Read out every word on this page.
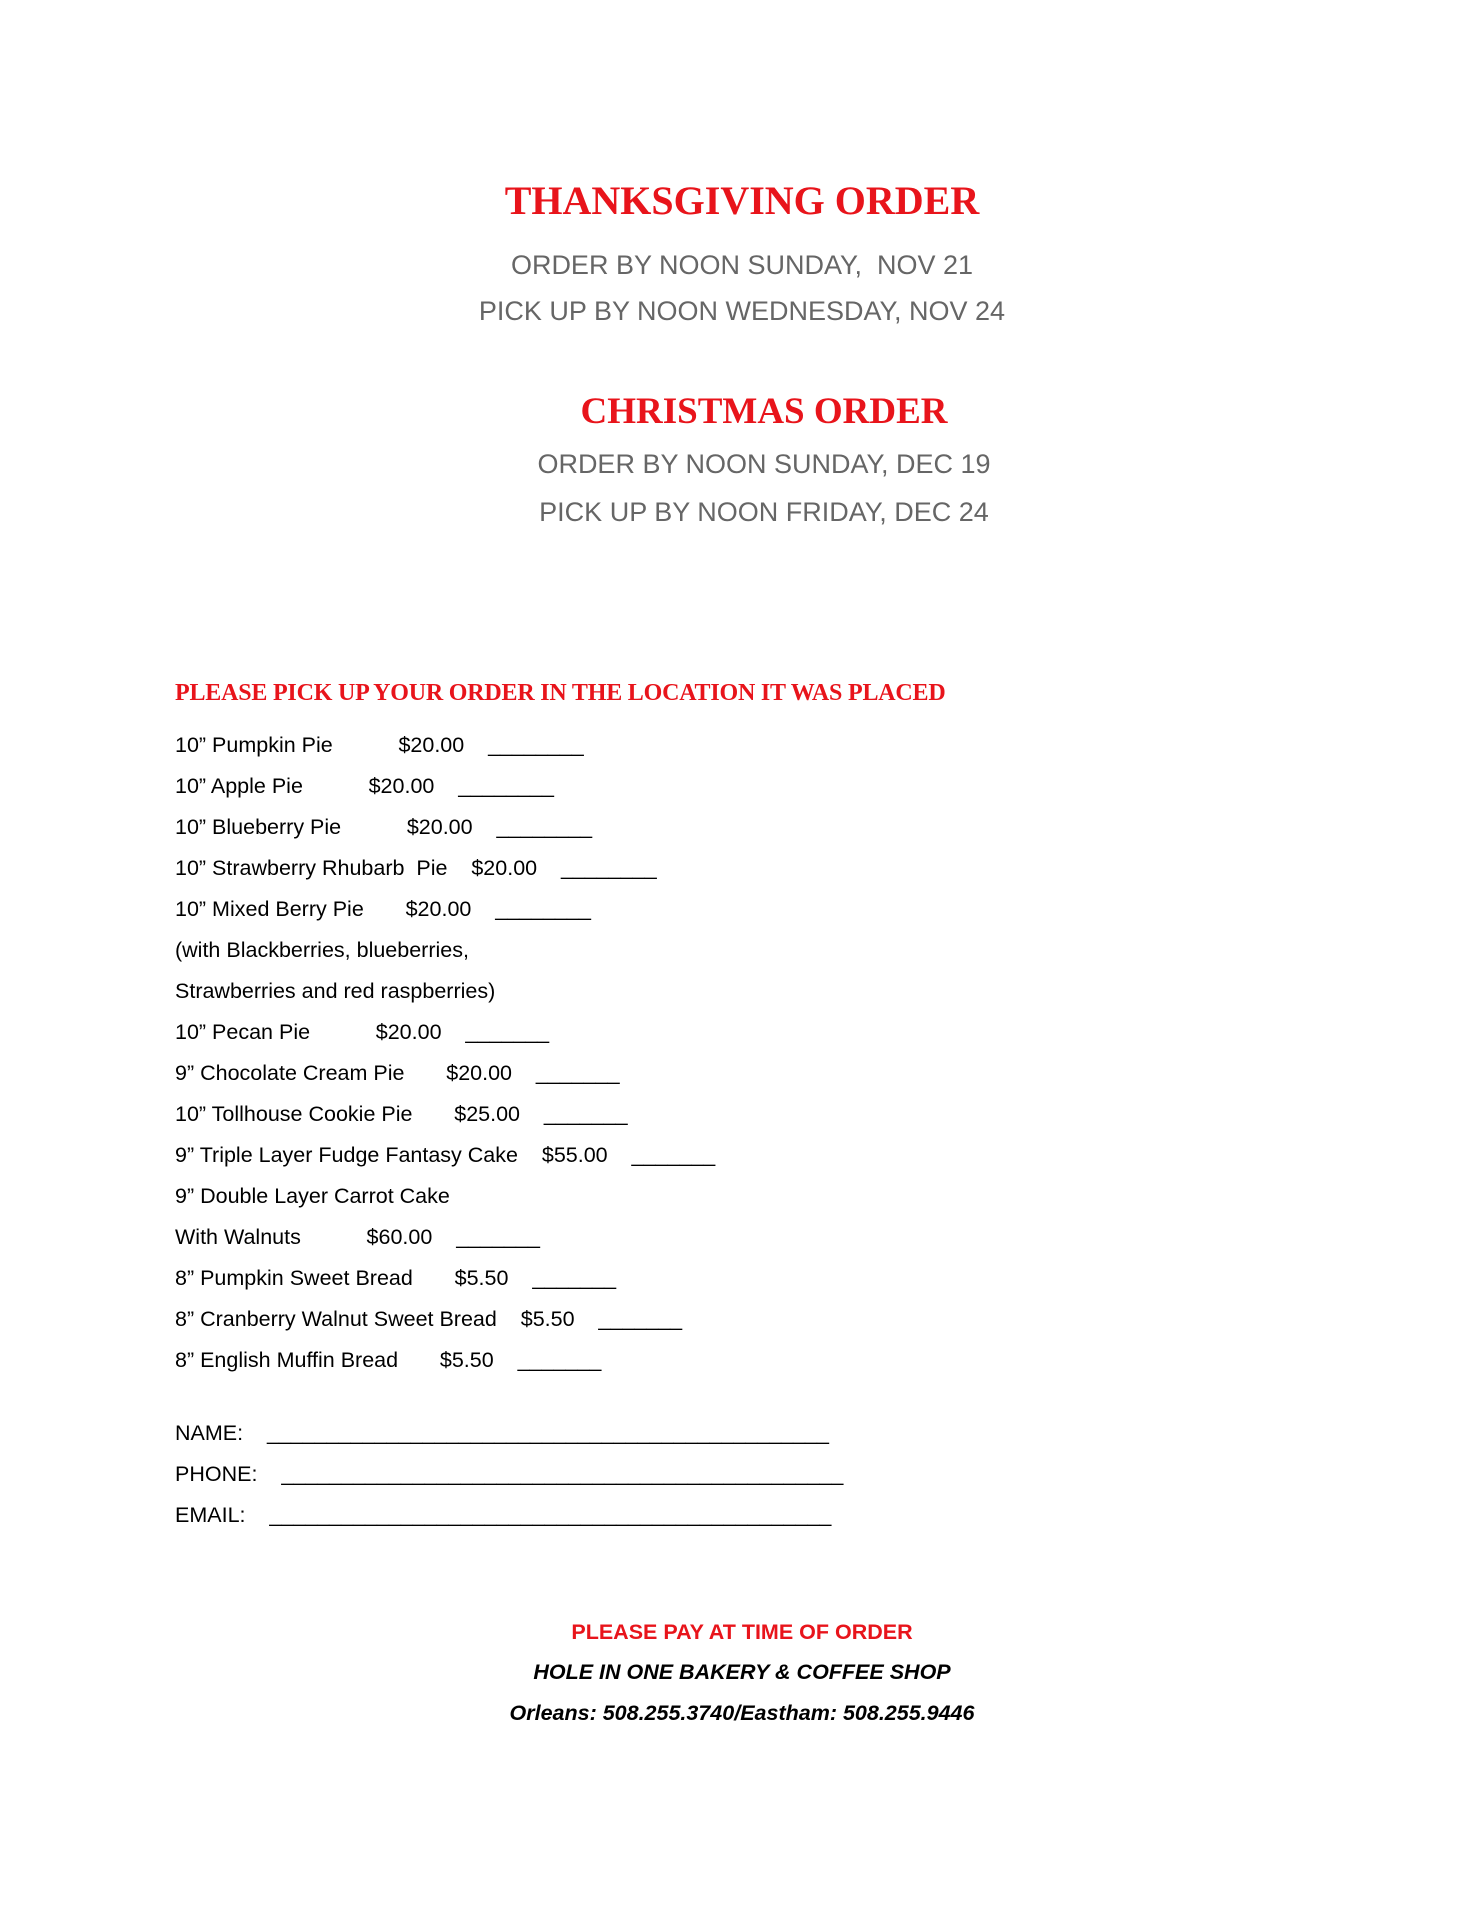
THANKSGIVING ORDER
ORDER BY NOON SUNDAY,  NOV 21
PICK UP BY NOON WEDNESDAY, NOV 24
CHRISTMAS ORDER
ORDER BY NOON SUNDAY, DEC 19
PICK UP BY NOON FRIDAY, DEC 24
PLEASE PICK UP YOUR ORDER IN THE LOCATION IT WAS PLACED
10” Pumpkin Pie           $20.00    ________
10” Apple Pie           $20.00    ________
10” Blueberry Pie           $20.00    ________
10” Strawberry Rhubarb  Pie    $20.00    ________
10” Mixed Berry Pie       $20.00    ________
(with Blackberries, blueberries,
Strawberries and red raspberries)
10” Pecan Pie           $20.00    _______
9” Chocolate Cream Pie       $20.00    _______
10” Tollhouse Cookie Pie       $25.00    _______
9” Triple Layer Fudge Fantasy Cake    $55.00    _______
9” Double Layer Carrot Cake
With Walnuts           $60.00    _______
8” Pumpkin Sweet Bread       $5.50    _______
8” Cranberry Walnut Sweet Bread    $5.50    _______
8” English Muffin Bread       $5.50    _______
NAME:    _______________________________________________
PHONE:    _______________________________________________
EMAIL:    _______________________________________________
PLEASE PAY AT TIME OF ORDER
HOLE IN ONE BAKERY & COFFEE SHOP
Orleans: 508.255.3740/Eastham: 508.255.9446
